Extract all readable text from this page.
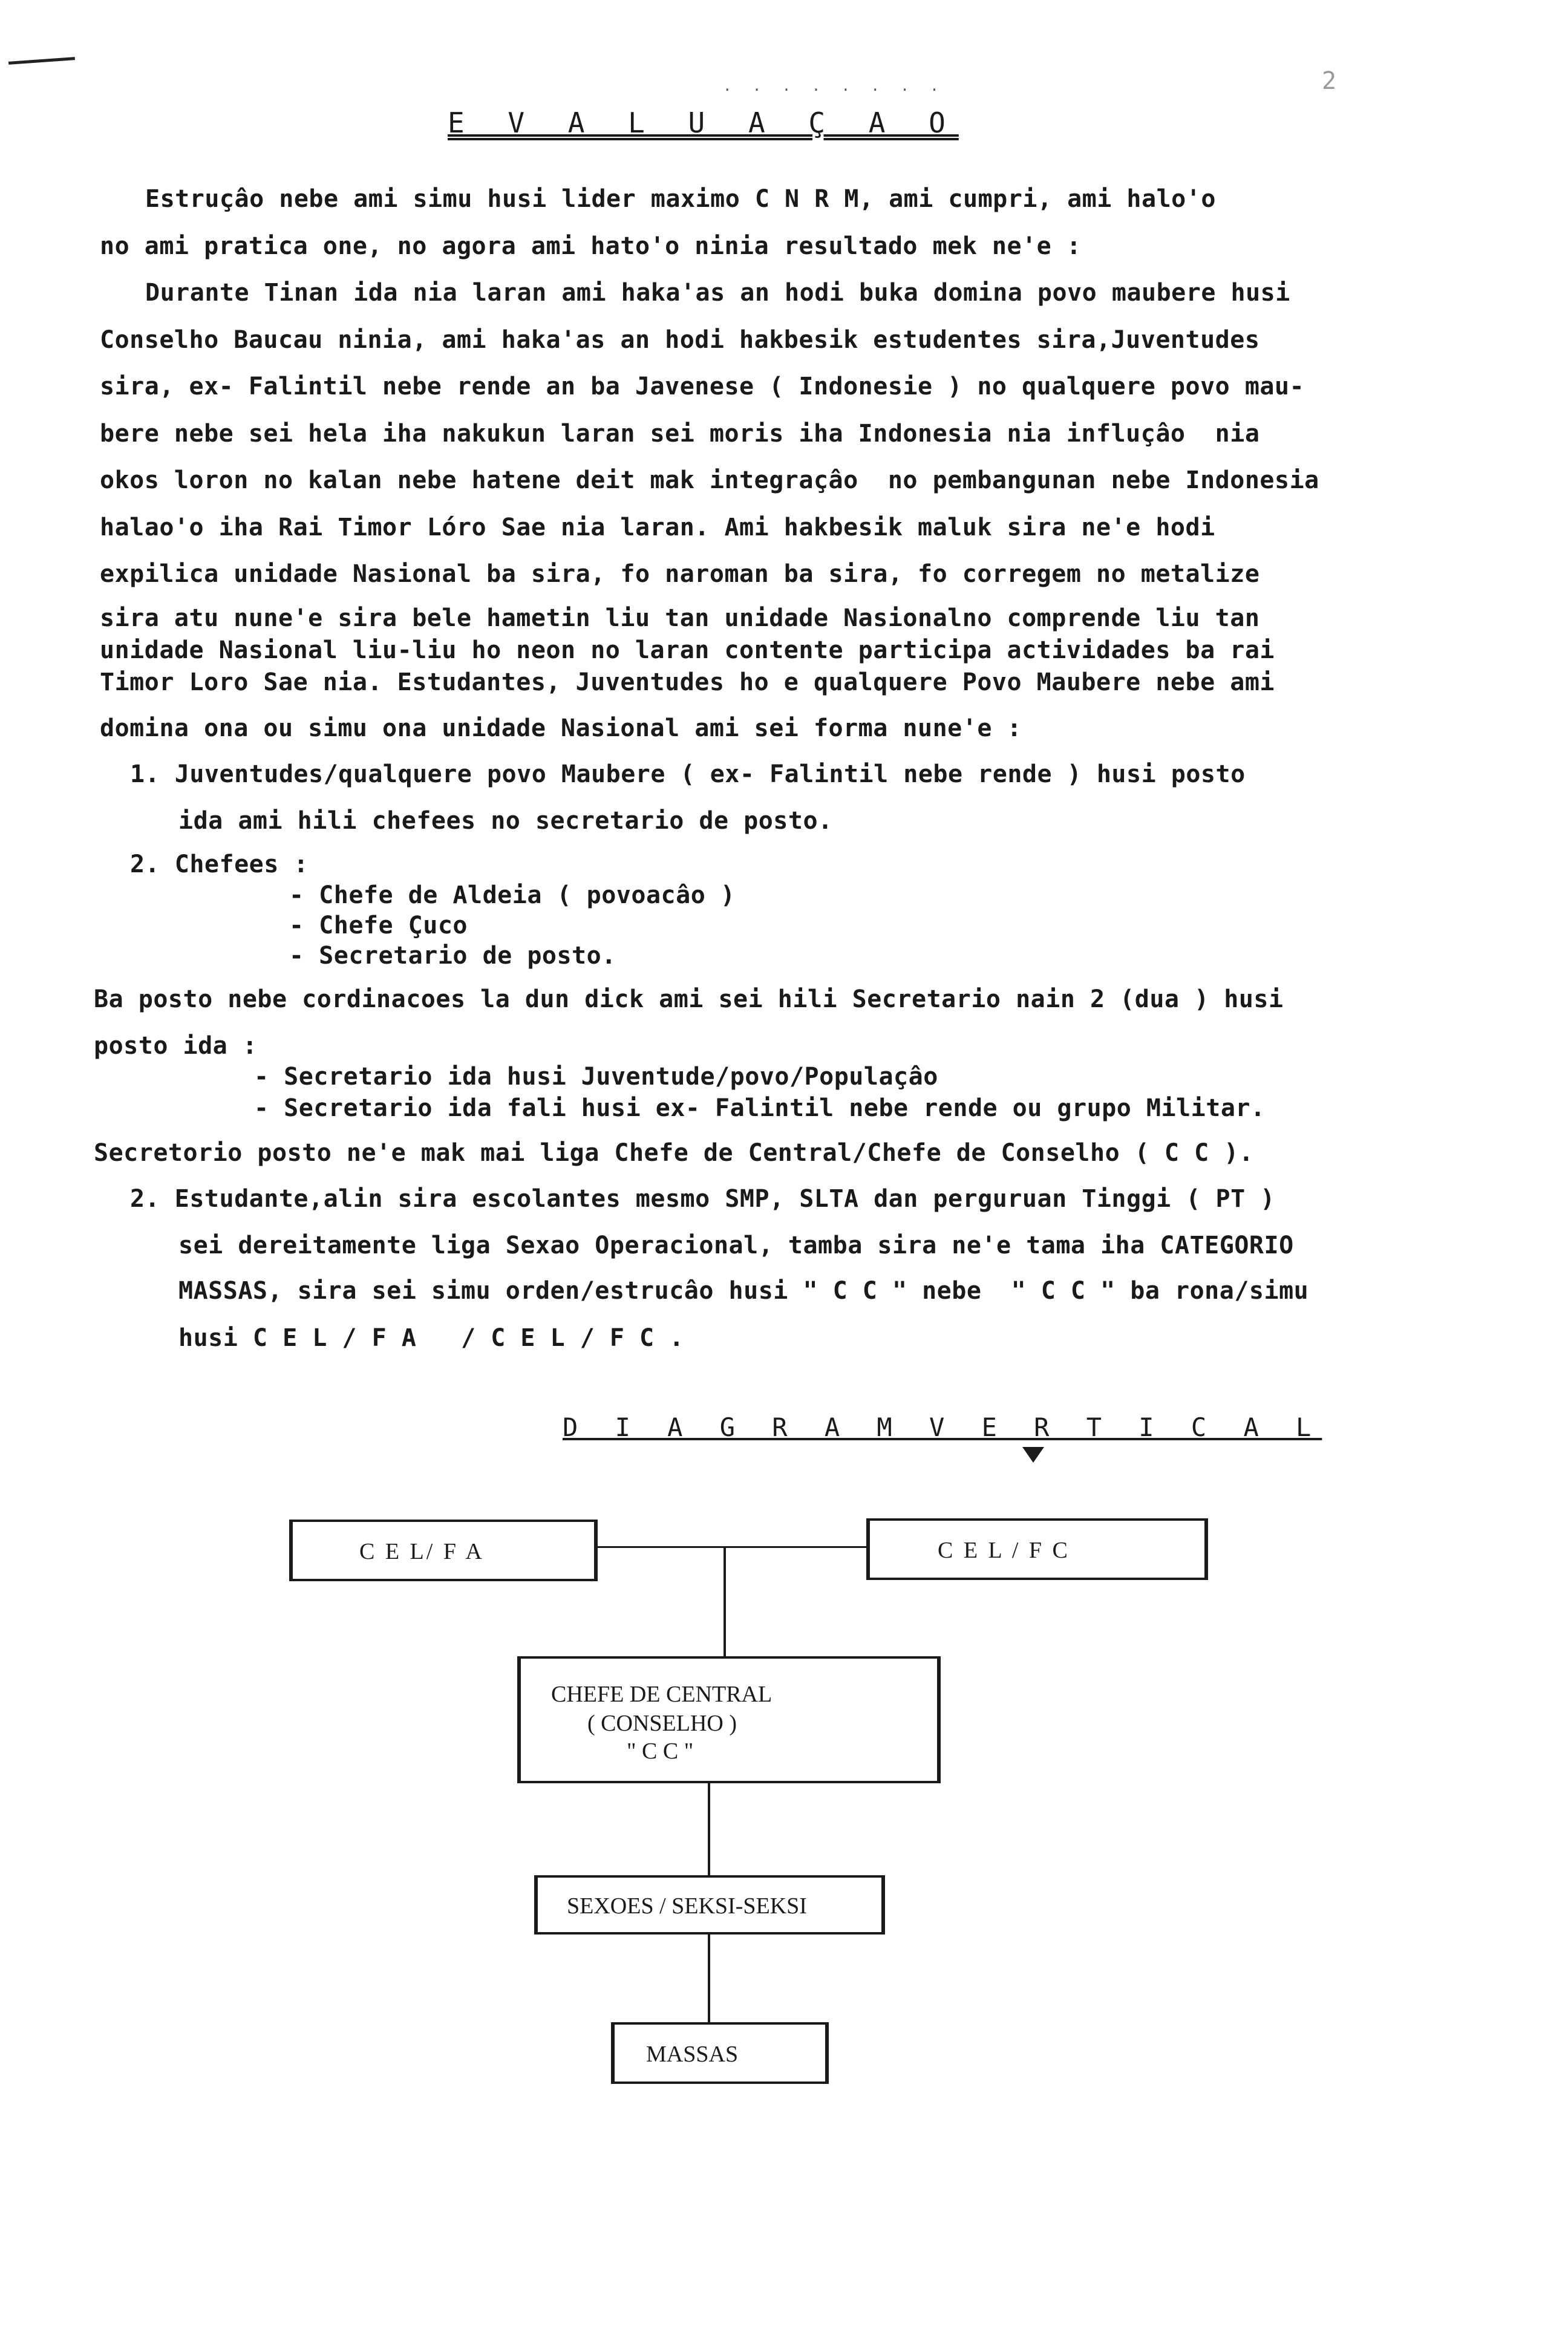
. . . . . . . .	2
E V A L U A Ç A O
Estruçâo nebe ami simu husi lider maximo C N R M, ami cumpri, ami halo'o
no ami pratica one, no agora ami hato'o ninia resultado mek ne'e :
Durante Tinan ida nia laran ami haka'as an hodi buka domina povo maubere husi
Conselho Baucau ninia, ami haka'as an hodi hakbesik estudentes sira,Juventudes
sira, ex- Falintil nebe rende an ba Javenese ( Indonesie ) no qualquere povo mau-
bere nebe sei hela iha nakukun laran sei moris iha Indonesia nia influçâo  nia
okos loron no kalan nebe hatene deit mak integraçâo  no pembangunan nebe Indonesia
halao'o iha Rai Timor Lóro Sae nia laran. Ami hakbesik maluk sira ne'e hodi
expilica unidade Nasional ba sira, fo naroman ba sira, fo corregem no metalize
sira atu nune'e sira bele hametin liu tan unidade Nasionalno comprende liu tan
unidade Nasional liu-liu ho neon no laran contente participa actividades ba rai
Timor Loro Sae nia. Estudantes, Juventudes ho e qualquere Povo Maubere nebe ami
domina ona ou simu ona unidade Nasional ami sei forma nune'e :
1. Juventudes/qualquere povo Maubere ( ex- Falintil nebe rende ) husi posto
ida ami hili chefees no secretario de posto.
2. Chefees :
- Chefe de Aldeia ( povoacâo )
- Chefe Çuco
- Secretario de posto.
Ba posto nebe cordinacoes la dun dick ami sei hili Secretario nain 2 (dua ) husi
posto ida :
- Secretario ida husi Juventude/povo/Populaçâo
- Secretario ida fali husi ex- Falintil nebe rende ou grupo Militar.
Secretorio posto ne'e mak mai liga Chefe de Central/Chefe de Conselho ( C C ).
2. Estudante,alin sira escolantes mesmo SMP, SLTA dan perguruan Tinggi ( PT )
sei dereitamente liga Sexao Operacional, tamba sira ne'e tama iha CATEGORIO
MASSAS, sira sei simu orden/estrucâo husi " C C " nebe  " C C " ba rona/simu
husi C E L / F A   / C E L / F C .
D I A G R A M V E R T I C A L
C E L/ F A	C E L / F C
CHEFE DE CENTRAL
( CONSELHO )
" C C "
SEXOES / SEKSI-SEKSI
MASSAS
